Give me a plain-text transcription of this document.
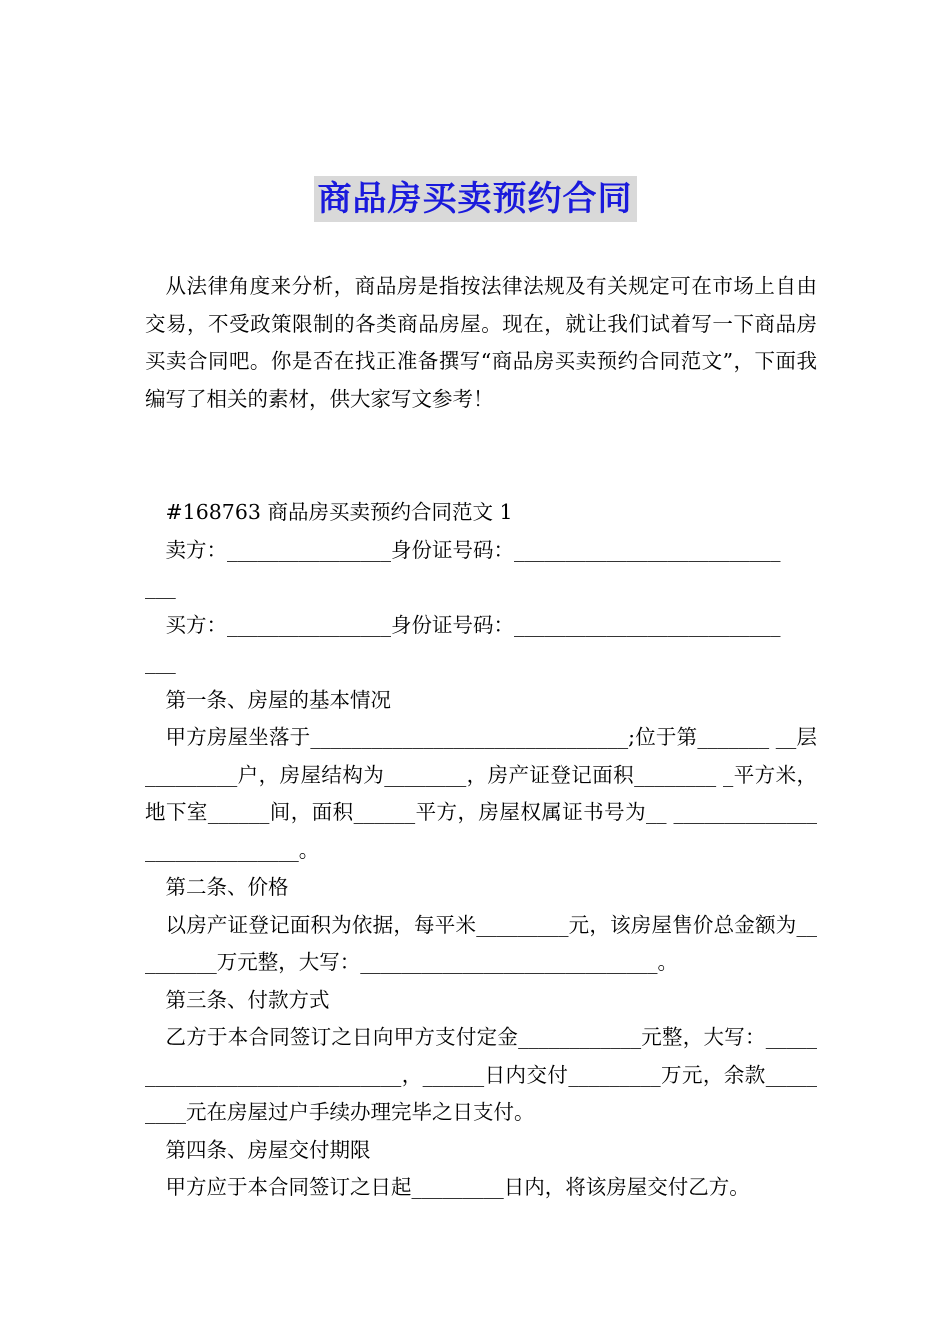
商品房买卖预约合同

从法律角度来分析，商品房是指按法律法规及有关规定可在市场上自由交易，不受政策限制的各类商品房屋。现在，就让我们试着写一下商品房买卖合同吧。你是否在找正准备撰写“商品房买卖预约合同范文”，下面我编写了相关的素材，供大家写文参考！

#168763 商品房买卖预约合同范文 1

卖方：________________身份证号码：__________________________

___

买方：________________身份证号码：__________________________

___

第一条、房屋的基本情况

甲方房屋坐落于_______________________________;位于第_______ __层_________户，房屋结构为________，房产证登记面积________ _平方米，地下室______间，面积______平方，房屋权属证书号为__ _____________________________。

第二条、价格

以房产证登记面积为依据，每平米_________元，该房屋售价总金额为_________万元整，大写：_____________________________。

第三条、付款方式

乙方于本合同签订之日向甲方支付定金____________元整，大写：______________________________，______日内交付_________万元，余款_________元在房屋过户手续办理完毕之日支付。

第四条、房屋交付期限

甲方应于本合同签订之日起_________日内，将该房屋交付乙方。
